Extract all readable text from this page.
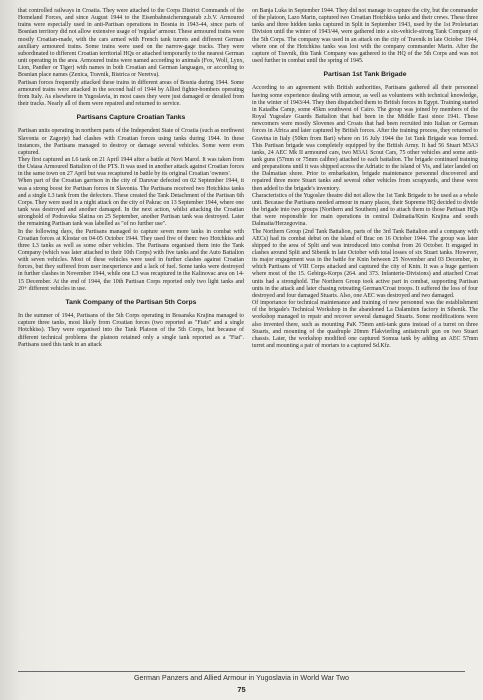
that controlled railways in Croatia. They were attached to the Corps District Commands of the Homeland Forces, and since August 1944 to the Eisenbahnsicherungsstab z.b.V. Armoured trains were especially used in anti-Partisan operations in Bosnia in 1943-44, since parts of Bosnian territory did not allow extensive usage of 'regular' armour. These armoured trains were mostly Croatian-made, with the cars armed with French tank turrets and different German auxiliary armoured trains. Some trains were used on the narrow-gage tracks. They were subordinated to different Croatian territorial HQs or attached temporarily to the nearest German unit operating in the area. Armoured trains were named according to animals (Fox, Wolf, Lynx, Lion, Panther or Tiger) with names in both Croatian and German languages, or according to Bosnian place names (Zenica, Travnik, Bistrica or Neretva).

Partisan forces frequently attacked these trains in different areas of Bosnia during 1944. Some armoured trains were attacked in the second half of 1944 by Allied fighter-bombers operating from Italy. As elsewhere in Yugoslavia, in most cases they were just damaged or derailed from their tracks. Nearly all of them were repaired and returned to service.

Partisans Capture Croatian Tanks

Partisan units operating in northern parts of the Independent State of Croatia (such as northwest Slavonia or Zagorje) had clashes with Croatian forces using tanks during 1944. In these instances, the Partisans managed to destroy or damage several vehicles. Some were even captured.

They first captured an L6 tank on 21 April 1944 after a battle at Novi Marof. It was taken from the Ustasa Armoured Battalion of the PTS. It was used in another attack against Croatian forces in the same town on 27 April but was recaptured in battle by its original Croatian 'owners'.

When part of the Croatian garrison in the city of Daruvar defected on 02 September 1944, it was a strong boost for Partisan forces in Slavonia. The Partisans received two Hotchkiss tanks and a single L3 tank from the defectors. These created the Tank Detachment of the Partisan 6th Corps. They were used in a night attack on the city of Pakrac on 13 September 1944, where one tank was destroyed and another damaged. In the next action, whilst attacking the Croatian stronghold of Podravska Slatina on 25 September, another Partisan tank was destroyed. Later the remaining Partisan tank was labelled as "of no further use".

In the following days, the Partisans managed to capture seven more tanks in combat with Croatian forces at Klostar on 04-05 October 1944. They used five of them: two Hotchkiss and three L3 tanks as well as some other vehicles. The Partisans organised them into the Tank Company (which was later attached to their 10th Corps) with five tanks and the Auto Battalion with seven vehicles. Most of these vehicles were used in further clashes against Croatian forces, but they suffered from user inexperience and a lack of fuel. Some tanks were destroyed in further clashes in November 1944, while one L3 was recaptured in the Kalinovac area on 14-15 December. At the end of 1944, the 10th Partisan Corps reported only two light tanks and 20+ different vehicles in use.

Tank Company of the Partisan 5th Corps

In the summer of 1944, Partisans of the 5th Corps operating in Bosanska Krajina managed to capture three tanks, most likely from Croatian forces (two reported as "Fiats" and a single Hotchkiss). They were organised into the Tank Platoon of the 5th Corps, but because of different technical problems the platoon retained only a single tank reported as a "Fiat". Partisans used this tank in an attack

on Banja Luka in September 1944. They did not manage to capture the city, but the commander of the platoon, Lazo Marin, captured two Croatian Hotchkiss tanks and their crews. These three tanks and three hidden tanks captured in Split in September 1943, used by the 1st Proletarian Division until the winter of 1943/44, were gathered into a six-vehicle-strong Tank Company of the 5th Corps. The company was used in an attack on the city of Travnik in late October 1944, where one of the Hotchkiss tanks was lost with the company commander Marin. After the capture of Travnik, this Tank Company was gathered to the HQ of the 5th Corps and was not used further in combat until the spring of 1945.

Partisan 1st Tank Brigade

According to an agreement with British authorities, Partisans gathered all their personnel having some experience dealing with armour, as well as volunteers with technical knowledge, in the winter of 1943/44. They then dispatched them to British forces in Egypt. Training started in Katadba Camp, some 45km southwest of Cairo. The group was joined by members of the Royal Yugoslav Guards Battalion that had been in the Middle East since 1941. These newcomers were mostly Slovenes and Croats that had been recruited into Italian or German forces in Africa and later captured by British forces. After the training process, they returned to Gravina in Italy (50km from Bari) where on 16 July 1944 the 1st Tank Brigade was formed. This Partisan brigade was completely equipped by the British Army. It had 56 Stuart M3A3 tanks, 24 AEC Mk II armoured cars, two M3A1 Scout Cars, 75 other vehicles and some anti-tank guns (57mm or 75mm calibre) attached to each battalion. The brigade continued training and preparations until it was shipped across the Adriatic to the island of Vis, and later landed on the Dalmatian shore. Prior to embarkation, brigade maintenance personnel discovered and repaired three more Stuart tanks and several other vehicles from scrapyards, and these were then added to the brigade's inventory.

Characteristics of the Yugoslav theatre did not allow the 1st Tank Brigade to be used as a whole unit. Because the Partisans needed armour in many places, their Supreme HQ decided to divide the brigade into two groups (Northern and Southern) and to attach them to those Partisan HQs that were responsible for main operations in central Dalmatia/Knin Krajina and south Dalmatia/Herzegovina.

The Northern Group (2nd Tank Battalion, parts of the 3rd Tank Battalion and a company with AECs) had its combat debut on the island of Brac on 16 October 1944. The group was later shipped to the area of Split and was introduced into combat from 26 October. It engaged in clashes around Split and Sibenik in late October with total losses of six Stuart tanks. However, its major engagement was in the battle for Knin between 25 November and 03 December, in which Partisans of VIII Corps attacked and captured the city of Knin. It was a huge garrison where most of the 15. Gebirgs-Korps (264. and 373. Infanterie-Divisions) and attached Croat units had a stronghold. The Northern Group took active part in combat, supporting Partisan units in the attack and later chasing retreating German/Croat troops. It suffered the loss of four destroyed and four damaged Stuarts. Also, one AEC was destroyed and two damaged.

Of importance for technical maintenance and training of new personnel was the establishment of the brigade's Technical Workshop in the abandoned La Dalamtien factory in Sibenik. The workshop managed to repair and recover several damaged Stuarts. Some modifications were also invented there, such as mounting PaK 75mm anti-tank guns instead of a turret on three Stuarts, and mounting of the quadruple 20mm Flakvierling antiaircraft gun on two Stuart chassis. Later, the workshop modified one captured Somua tank by adding an AEC 57mm turret and mounting a pair of mortars to a captured Sd.Kfz.

German Panzers and Allied Armour in Yugoslavia in World War Two
75
